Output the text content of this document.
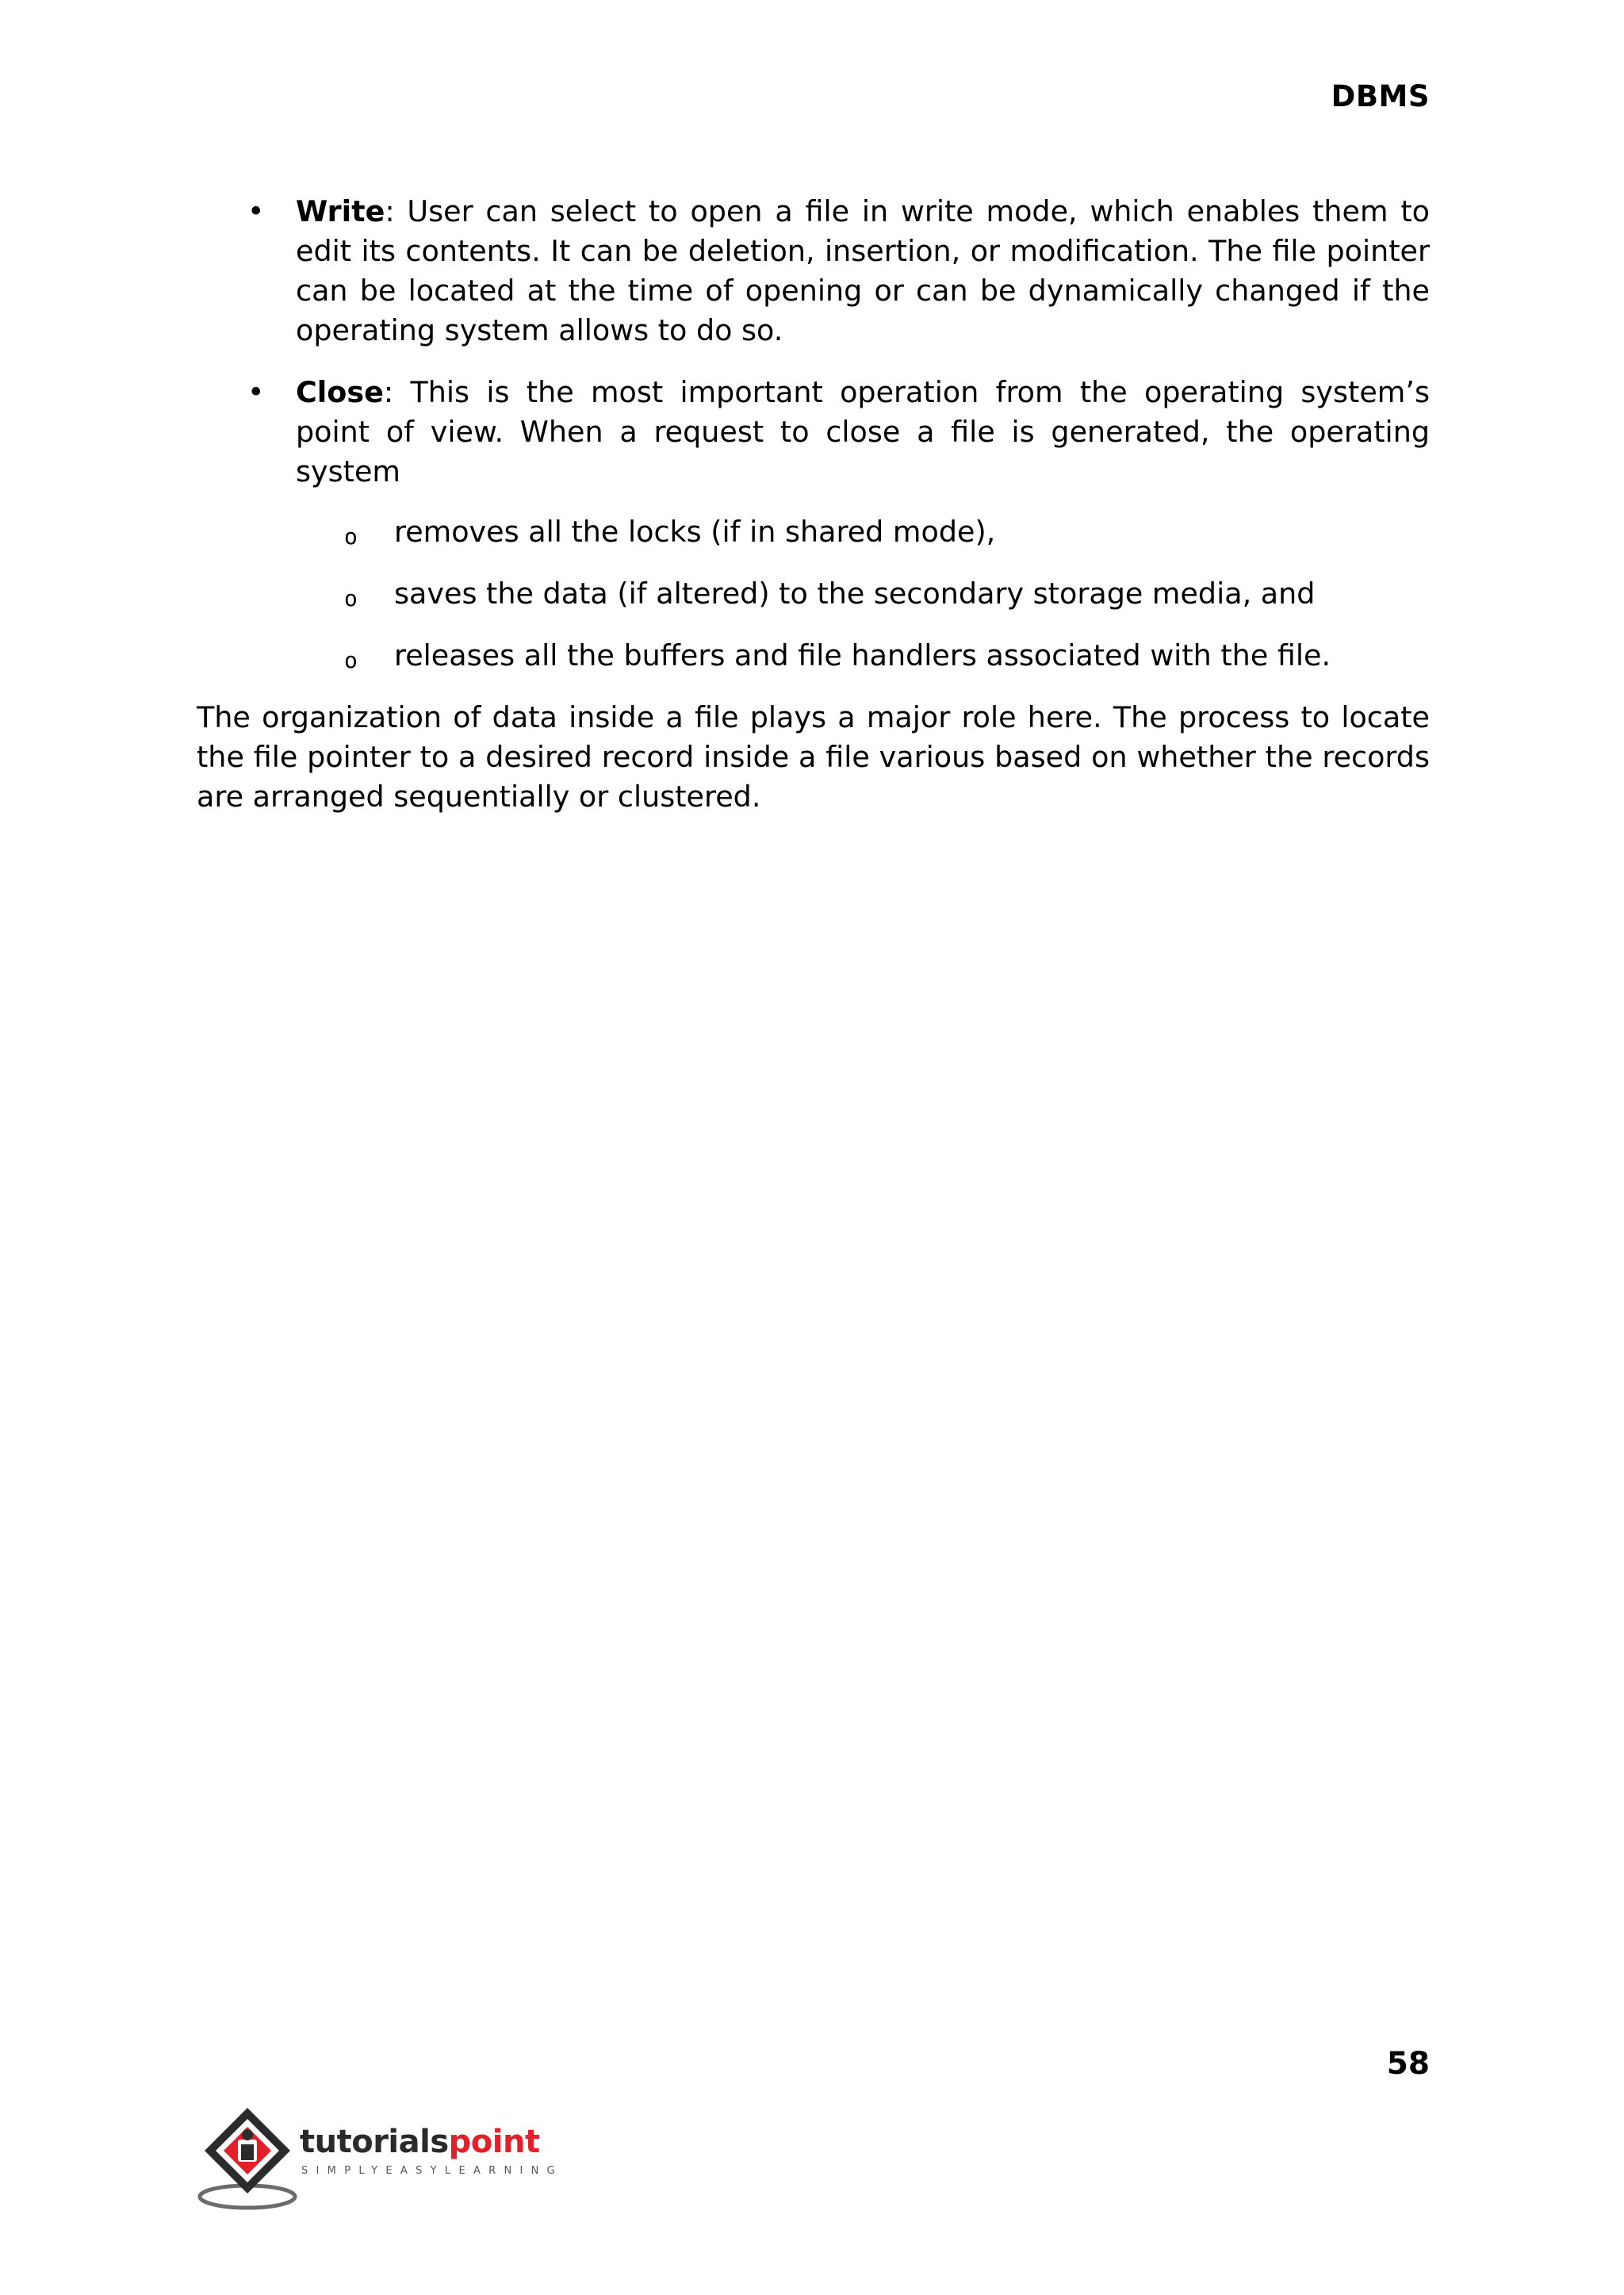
DBMS
• Write: User can select to open a file in write mode, which enables them to edit its contents. It can be deletion, insertion, or modification. The file pointer can be located at the time of opening or can be dynamically changed if the operating system allows to do so.
• Close: This is the most important operation from the operating system’s point of view. When a request to close a file is generated, the operating system
o removes all the locks (if in shared mode),
o saves the data (if altered) to the secondary storage media, and
o releases all the buffers and file handlers associated with the file.
The organization of data inside a file plays a major role here. The process to locate the file pointer to a desired record inside a file various based on whether the records are arranged sequentially or clustered.
58
tutorialspoint
SIMPLYEASYLEARNING
